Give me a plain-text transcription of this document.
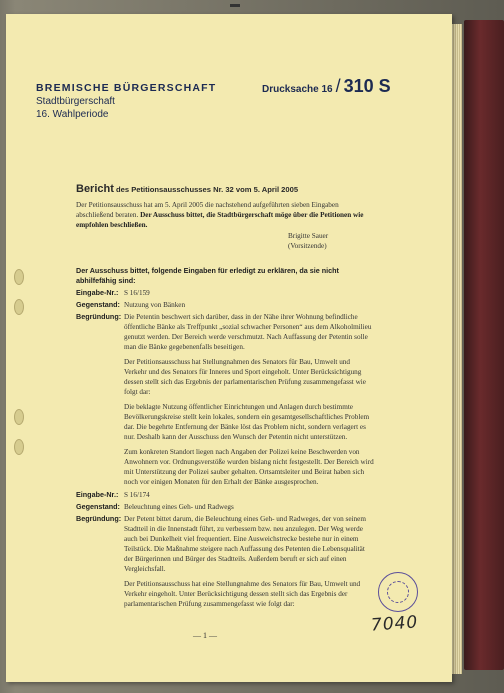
BREMISCHE BÜRGERSCHAFT
Stadtbürgerschaft
16. Wahlperiode
Drucksache 16 / 310 S
Bericht des Petitionsausschusses Nr. 32 vom 5. April 2005
Der Petitionsausschuss hat am 5. April 2005 die nachstehend aufgeführten sieben Eingaben abschließend beraten. Der Ausschuss bittet, die Stadtbürgerschaft möge über die Petitionen wie empfohlen beschließen.
Brigitte Sauer
(Vorsitzende)
Der Ausschuss bittet, folgende Eingaben für erledigt zu erklären, da sie nicht abhilfefähig sind:
Eingabe-Nr.: S 16/159
Gegenstand: Nutzung von Bänken
Begründung: Die Petentin beschwert sich darüber, dass in der Nähe ihrer Wohnung befindliche öffentliche Bänke als Treffpunkt „sozial schwacher Personen“ aus dem Alkoholmilieu genutzt werden. Der Bereich werde verschmutzt. Nach Auffassung der Petentin solle man die Bänke gegebenenfalls beseitigen.

Der Petitionsausschuss hat Stellungnahmen des Senators für Bau, Umwelt und Verkehr und des Senators für Inneres und Sport eingeholt. Unter Berücksichtigung dessen stellt sich das Ergebnis der parlamentarischen Prüfung zusammengefasst wie folgt dar:

Die beklagte Nutzung öffentlicher Einrichtungen und Anlagen durch bestimmte Bevölkerungskreise stellt kein lokales, sondern ein gesamtgesellschaftliches Problem dar. Die begehrte Entfernung der Bänke löst das Problem nicht, sondern verlagert es nur. Deshalb kann der Ausschuss den Wunsch der Petentin nicht unterstützen.

Zum konkreten Standort liegen nach Angaben der Polizei keine Beschwerden von Anwohnern vor. Ordnungsverstöße wurden bislang nicht festgestellt. Der Bereich wird mit Unterstützung der Polizei sauber gehalten. Ortsamtsleiter und Beirat haben sich noch vor einigen Monaten für den Erhalt der Bänke ausgesprochen.

Eingabe-Nr.: S 16/174
Gegenstand: Beleuchtung eines Geh- und Radwegs
Begründung: Der Petent bittet darum, die Beleuchtung eines Geh- und Radweges, der von seinem Stadtteil in die Innenstadt führt, zu verbessern bzw. neu anzulegen. Der Weg werde auch bei Dunkelheit viel frequentiert. Eine Ausweichstrecke bestehe nur in einem Teilstück. Die Maßnahme steigere nach Auffassung des Petenten die Lebensqualität der Bürgerinnen und Bürger des Stadtteils. Außerdem beruft er sich auf einen Vergleichsfall.

Der Petitionsausschuss hat eine Stellungnahme des Senators für Bau, Umwelt und Verkehr eingeholt. Unter Berücksichtigung dessen stellt sich das Ergebnis der parlamentarischen Prüfung zusammengefasst wie folgt dar:

— 1 —	7040
